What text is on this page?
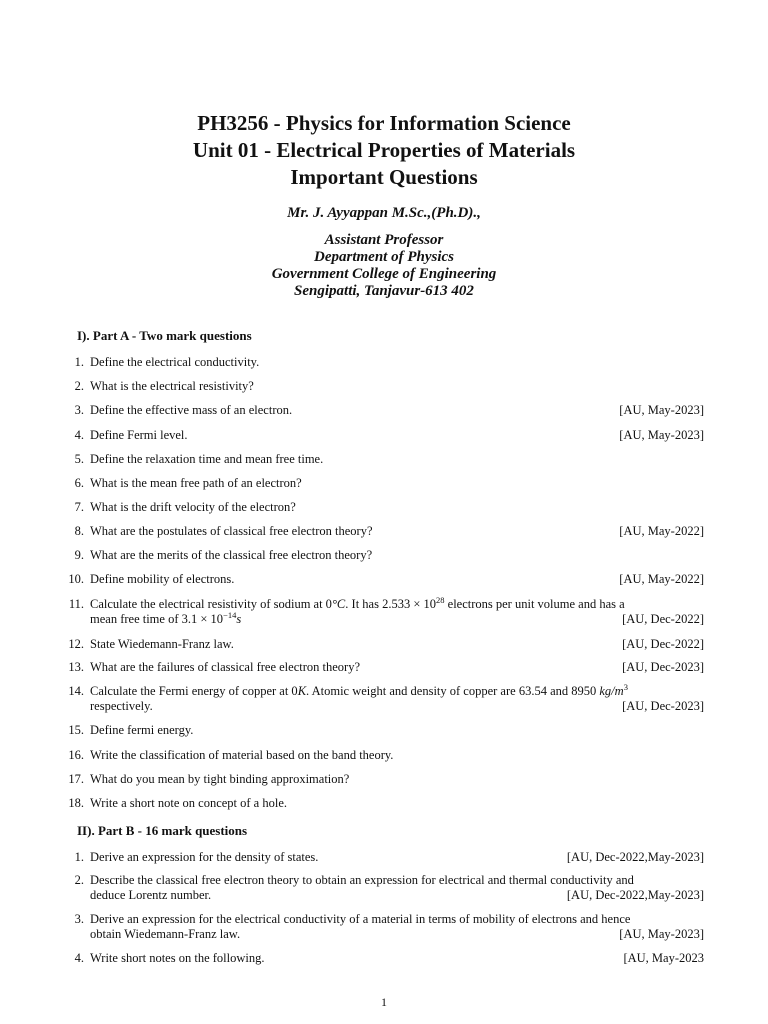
PH3256 - Physics for Information Science
Unit 01 - Electrical Properties of Materials
Important Questions
Mr. J. Ayyappan M.Sc.,(Ph.D).,
Assistant Professor
Department of Physics
Government College of Engineering
Sengipatti, Tanjavur-613 402
I). Part A - Two mark questions
1. Define the electrical conductivity.
2. What is the electrical resistivity?
3.	[AU, May-2023]
Define the effective mass of an electron.
4.	[AU, May-2023]
Define Fermi level.
5. Define the relaxation time and mean free time.
6. What is the mean free path of an electron?
7. What is the drift velocity of the electron?
8.	[AU, May-2022]
What are the postulates of classical free electron theory?
9. What are the merits of the classical free electron theory?
10.	[AU, May-2022]
Define mobility of electrons.
11. Calculate the electrical resistivity of sodium at 0°C. It has $2.533 \times 10^{28}$ electrons per unit volume and has a
[AU, Dec-2022]
mean free time of $3.1 \times 10^{-14}s$
12.	[AU, Dec-2022]
State Wiedemann-Franz law.
13.	[AU, Dec-2023]
What are the failures of classical free electron theory?
14. Calculate the Fermi energy of copper at 0K. Atomic weight and density of copper are 63.54 and 8950 $kg/m^3$
[AU, Dec-2023]
respectively.
15. Define fermi energy.
16. Write the classification of material based on the band theory.
17. What do you mean by tight binding approximation?
18. Write a short note on concept of a hole.
II). Part B - 16 mark questions
1.	[AU, Dec-2022,May-2023]
Derive an expression for the density of states.
2. Describe the classical free electron theory to obtain an expression for electrical and thermal conductivity and
[AU, Dec-2022,May-2023]
deduce Lorentz number.
3. Derive an expression for the electrical conductivity of a material in terms of mobility of electrons and hence
[AU, May-2023]
obtain Wiedemann-Franz law.
4.	[AU, May-2023
Write short notes on the following.
1
